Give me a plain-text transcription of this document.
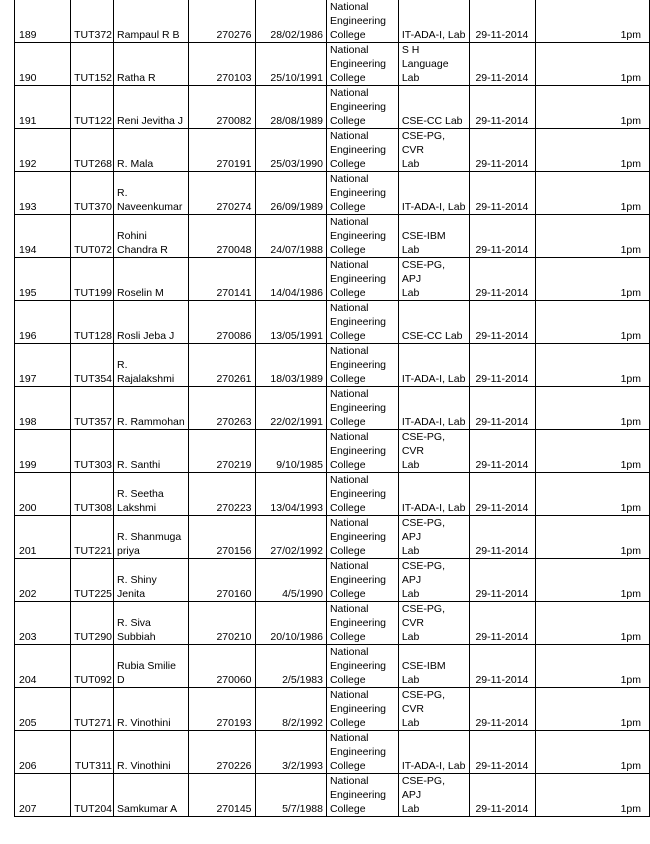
189	TUT372	Rampaul R B	270276	28/02/1986	National
Engineering
College	IT-ADA-I, Lab	29-11-2014	1pm

190	TUT152	Ratha R	270103	25/10/1991	National
Engineering
College	S H Language
Lab	29-11-2014	1pm

191	TUT122	Reni Jevitha J	270082	28/08/1989	National
Engineering
College	CSE-CC Lab	29-11-2014	1pm

192	TUT268	R. Mala	270191	25/03/1990	National
Engineering
College	CSE-PG, CVR
Lab	29-11-2014	1pm

193	TUT370	R.
Naveenkumar	270274	26/09/1989	National
Engineering
College	IT-ADA-I, Lab	29-11-2014	1pm

194	TUT072	Rohini
Chandra R	270048	24/07/1988	National
Engineering
College	CSE-IBM Lab	29-11-2014	1pm

195	TUT199	Roselin M	270141	14/04/1986	National
Engineering
College	CSE-PG, APJ
Lab	29-11-2014	1pm

196	TUT128	Rosli Jeba J	270086	13/05/1991	National
Engineering
College	CSE-CC Lab	29-11-2014	1pm

197	TUT354	R. Rajalakshmi	270261	18/03/1989	National
Engineering
College	IT-ADA-I, Lab	29-11-2014	1pm

198	TUT357	R. Rammohan	270263	22/02/1991	National
Engineering
College	IT-ADA-I, Lab	29-11-2014	1pm

199	TUT303	R. Santhi	270219	9/10/1985	National
Engineering
College	CSE-PG, CVR
Lab	29-11-2014	1pm

200	TUT308	R. Seetha
Lakshmi	270223	13/04/1993	National
Engineering
College	IT-ADA-I, Lab	29-11-2014	1pm

201	TUT221	R. Shanmuga
priya	270156	27/02/1992	National
Engineering
College	CSE-PG, APJ
Lab	29-11-2014	1pm

202	TUT225	R. Shiny Jenita	270160	4/5/1990	National
Engineering
College	CSE-PG, APJ
Lab	29-11-2014	1pm

203	TUT290	R. Siva
Subbiah	270210	20/10/1986	National
Engineering
College	CSE-PG, CVR
Lab	29-11-2014	1pm

204	TUT092	Rubia Smilie D	270060	2/5/1983	National
Engineering
College	CSE-IBM Lab	29-11-2014	1pm

205	TUT271	R. Vinothini	270193	8/2/1992	National
Engineering
College	CSE-PG, CVR
Lab	29-11-2014	1pm

206	TUT311	R. Vinothini	270226	3/2/1993	National
Engineering
College	IT-ADA-I, Lab	29-11-2014	1pm

207	TUT204	Samkumar A	270145	5/7/1988	National
Engineering
College	CSE-PG, APJ
Lab	29-11-2014	1pm
